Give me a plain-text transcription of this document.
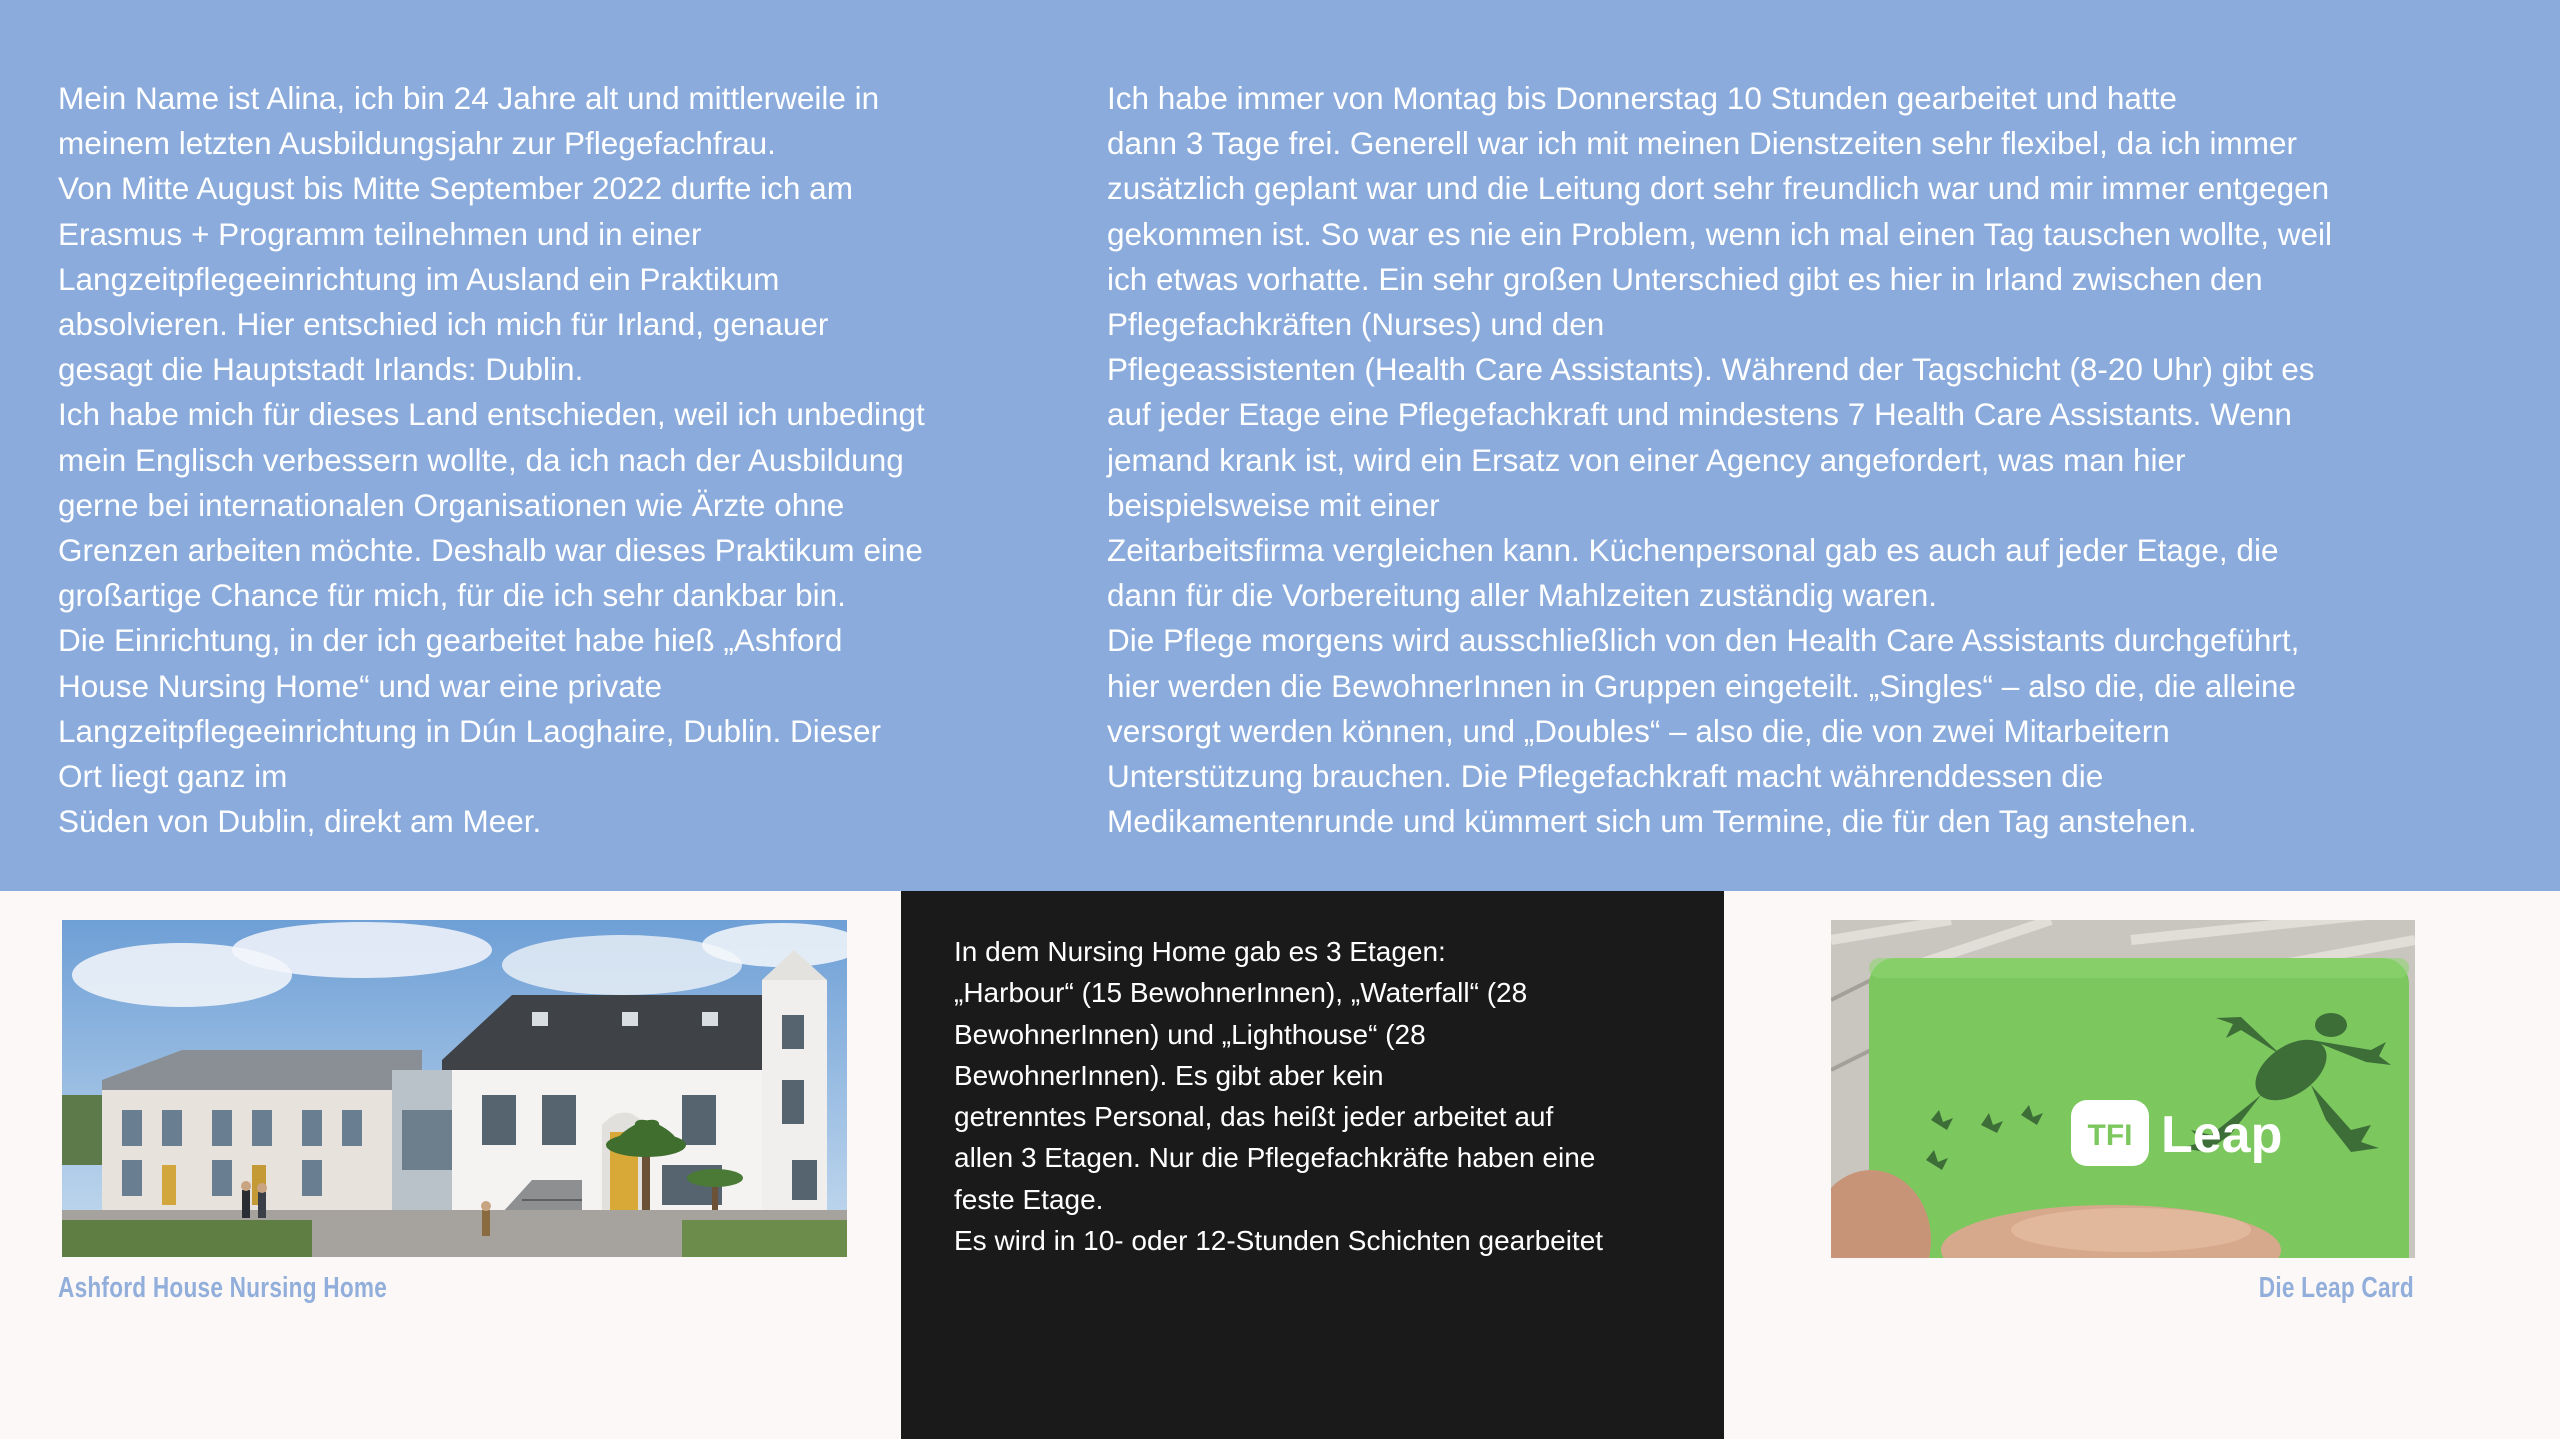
Mein Name ist Alina, ich bin 24 Jahre alt und mittlerweile in

meinem letzten Ausbildungsjahr zur Pflegefachfrau.

Von Mitte August bis Mitte September 2022 durfte ich am

Erasmus + Programm teilnehmen und in einer

Langzeitpflegeeinrichtung im Ausland ein Praktikum

absolvieren. Hier entschied ich mich für Irland, genauer

gesagt die Hauptstadt Irlands: Dublin.

Ich habe mich für dieses Land entschieden, weil ich unbedingt

mein Englisch verbessern wollte, da ich nach der Ausbildung

gerne bei internationalen Organisationen wie Ärzte ohne

Grenzen arbeiten möchte. Deshalb war dieses Praktikum eine

großartige Chance für mich, für die ich sehr dankbar bin.

Die Einrichtung, in der ich gearbeitet habe hieß „Ashford

House Nursing Home“ und war eine private

Langzeitpflegeeinrichtung in Dún Laoghaire, Dublin. Dieser

Ort liegt ganz im

Süden von Dublin, direkt am Meer.

Ich habe immer von Montag bis Donnerstag 10 Stunden gearbeitet und hatte

dann 3 Tage frei. Generell war ich mit meinen Dienstzeiten sehr flexibel, da ich immer

zusätzlich geplant war und die Leitung dort sehr freundlich war und mir immer entgegen

gekommen ist. So war es nie ein Problem, wenn ich mal einen Tag tauschen wollte, weil

ich etwas vorhatte. Ein sehr großen Unterschied gibt es hier in Irland zwischen den

Pflegefachkräften (Nurses) und den

Pflegeassistenten (Health Care Assistants). Während der Tagschicht (8-20 Uhr) gibt es

auf jeder Etage eine Pflegefachkraft und mindestens 7 Health Care Assistants. Wenn

jemand krank ist, wird ein Ersatz von einer Agency angefordert, was man hier

beispielsweise mit einer

Zeitarbeitsfirma vergleichen kann. Küchenpersonal gab es auch auf jeder Etage, die

dann für die Vorbereitung aller Mahlzeiten zuständig waren.

Die Pflege morgens wird ausschließlich von den Health Care Assistants durchgeführt,

hier werden die BewohnerInnen in Gruppen eingeteilt. „Singles“ – also die, die alleine

versorgt werden können, und „Doubles“ – also die, die von zwei Mitarbeitern

Unterstützung brauchen. Die Pflegefachkraft macht währenddessen die

Medikamentenrunde und kümmert sich um Termine, die für den Tag anstehen.

Ashford House Nursing Home

In dem Nursing Home gab es 3 Etagen:

„Harbour“ (15 BewohnerInnen), „Waterfall“ (28

BewohnerInnen) und „Lighthouse“ (28

BewohnerInnen). Es gibt aber kein

getrenntes Personal, das heißt jeder arbeitet auf

allen 3 Etagen. Nur die Pflegefachkräfte haben eine

feste Etage.

Es wird in 10- oder 12-Stunden Schichten gearbeitet

TFI Leap
Die Leap Card
